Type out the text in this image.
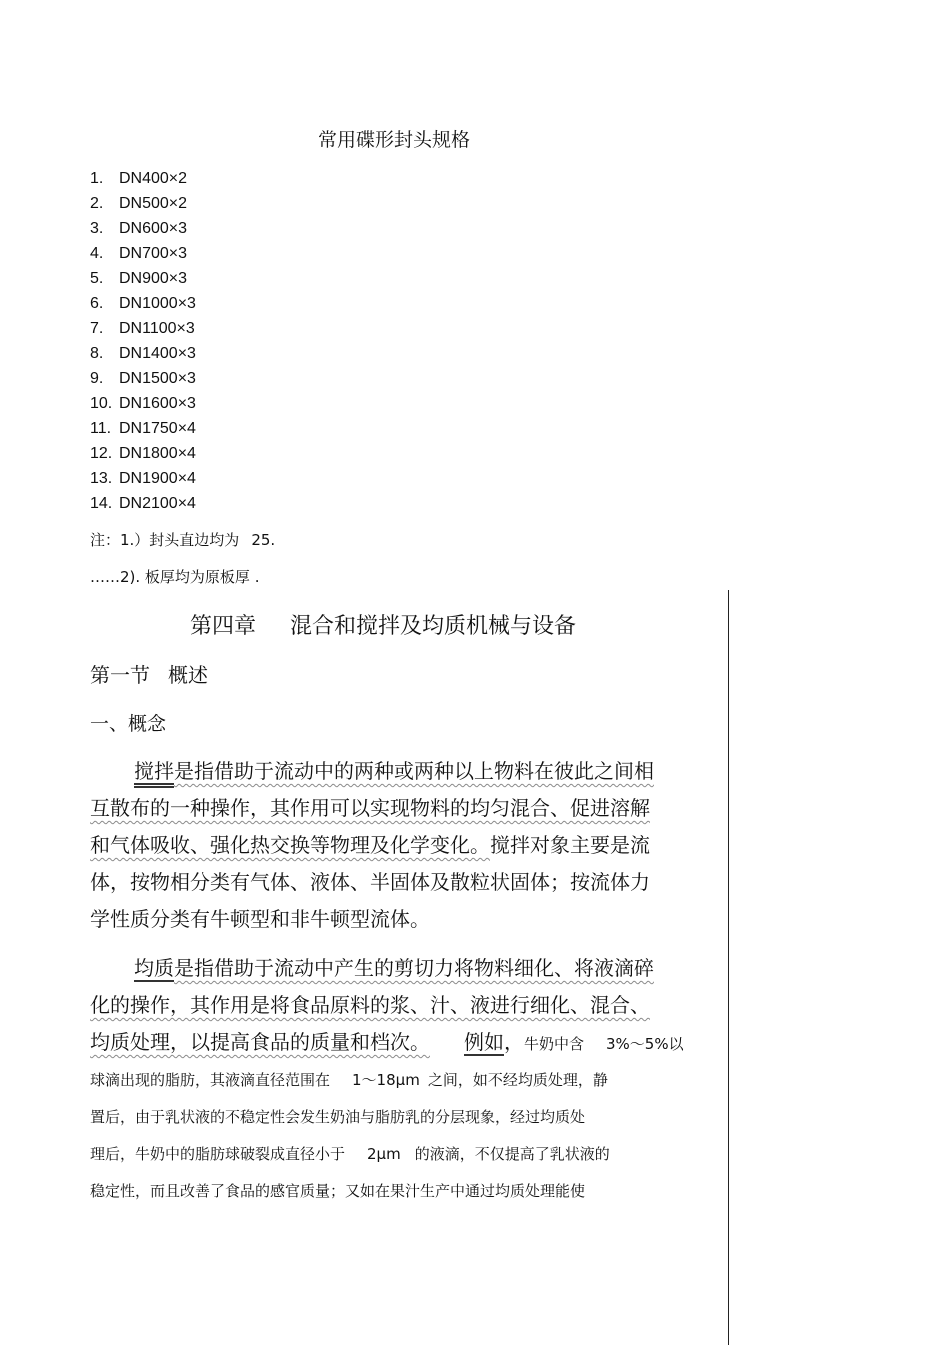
常用碟形封头规格
1. DN400×2
2. DN500×2
3. DN600×3
4. DN700×3
5. DN900×3
6. DN1000×3
7. DN1100×3
8. DN1400×3
9. DN1500×3
10. DN1600×3
11. DN1750×4
12. DN1800×4
13. DN1900×4
14. DN2100×4
注：1.）封头直边均为 25.
……2). 板厚均为原板厚 .
第四章 混合和搅拌及均质机械与设备
第一节 概述
一、概念
搅拌是指借助于流动中的两种或两种以上物料在彼此之间相
互散布的一种操作，其作用可以实现物料的均匀混合、促进溶解
和气体吸收、强化热交换等物理及化学变化。搅拌对象主要是流
体，按物相分类有气体、液体、半固体及散粒状固体；按流体力
学性质分类有牛顿型和非牛顿型流体。
均质是指借助于流动中产生的剪切力将物料细化、将液滴碎
化的操作，其作用是将食品原料的浆、汁、液进行细化、混合、
均质处理，以提高食品的质量和档次。 例如，牛奶中含 3%～5%以
球滴出现的脂肪，其液滴直径范围在 1～18μm 之间，如不经均质处理，静
置后，由于乳状液的不稳定性会发生奶油与脂肪乳的分层现象，经过均质处
理后，牛奶中的脂肪球破裂成直径小于 2μm 的液滴，不仅提高了乳状液的
稳定性，而且改善了食品的感官质量；又如在果汁生产中通过均质处理能使
